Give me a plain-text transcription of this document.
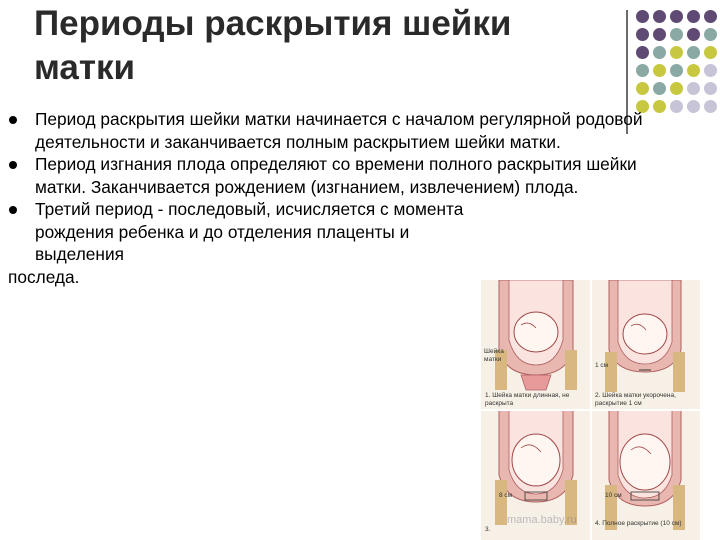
Периоды раскрытия шейки матки
Период раскрытия шейки матки начинается с началом регулярной родовой деятельности и заканчивается полным раскрытием шейки матки.
Период изгнания плода определяют со времени полного раскрытия шейки матки. Заканчивается рождением (изгнанием, извлечением) плода.
Третий период - последовый, исчисляется с момента рождения ребенка и до отделения плаценты и выделения
последа.
Шейка матки
1. Шейка матки длинная, не раскрыта
1 см
2. Шейка матки укорочена, раскрытие 1 см
8 см
3.
10 см
4. Полное раскрытие (10 см)
mama.baby.ru
